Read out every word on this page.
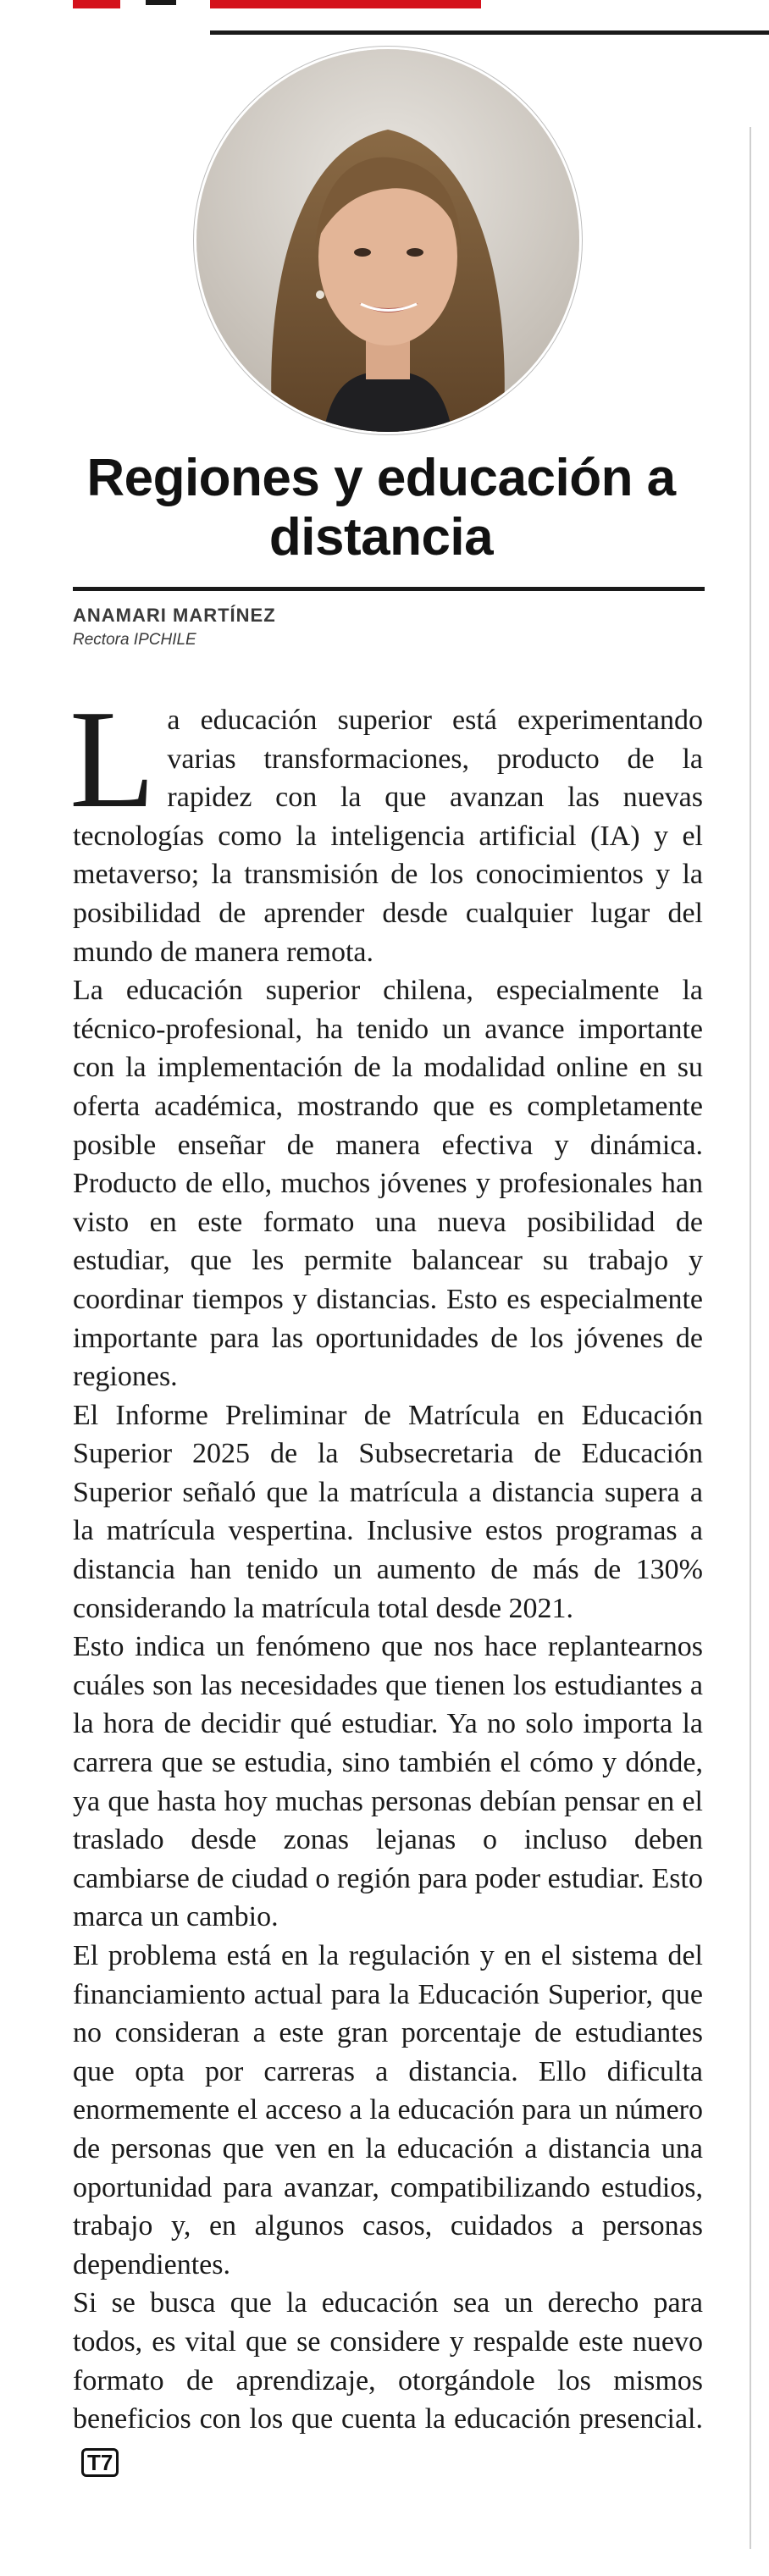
Regiones y educación a distancia
ANAMARI MARTÍNEZ
Rectora IPCHILE

La educación superior está experimentando varias transformaciones, producto de la rapidez con la que avanzan las nuevas tecnologías como la inteligencia artificial (IA) y el metaverso; la transmisión de los conocimientos y la posibilidad de aprender desde cualquier lugar del mundo de manera remota.

La educación superior chilena, especialmente la técnico-profesional, ha tenido un avance importante con la implementación de la modalidad online en su oferta académica, mostrando que es completamente posible enseñar de manera efectiva y dinámica. Producto de ello, muchos jóvenes y profesionales han visto en este formato una nueva posibilidad de estudiar, que les permite balancear su trabajo y coordinar tiempos y distancias. Esto es especialmente importante para las oportunidades de los jóvenes de regiones.

El Informe Preliminar de Matrícula en Educación Superior 2025 de la Subsecretaria de Educación Superior señaló que la matrícula a distancia supera a la matrícula vespertina. Inclusive estos programas a distancia han tenido un aumento de más de 130% considerando la matrícula total desde 2021.

Esto indica un fenómeno que nos hace replantearnos cuáles son las necesidades que tienen los estudiantes a la hora de decidir qué estudiar. Ya no solo importa la carrera que se estudia, sino también el cómo y dónde, ya que hasta hoy muchas personas debían pensar en el traslado desde zonas lejanas o incluso deben cambiarse de ciudad o región para poder estudiar. Esto marca un cambio.

El problema está en la regulación y en el sistema del financiamiento actual para la Educación Superior, que no consideran a este gran porcentaje de estudiantes que opta por carreras a distancia. Ello dificulta enormemente el acceso a la educación para un número de personas que ven en la educación a distancia una oportunidad para avanzar, compatibilizando estudios, trabajo y, en algunos casos, cuidados a personas dependientes.

Si se busca que la educación sea un derecho para todos, es vital que se considere y respalde este nuevo formato de aprendizaje, otorgándole los mismos beneficios con los que cuenta la educación presencial.T7
